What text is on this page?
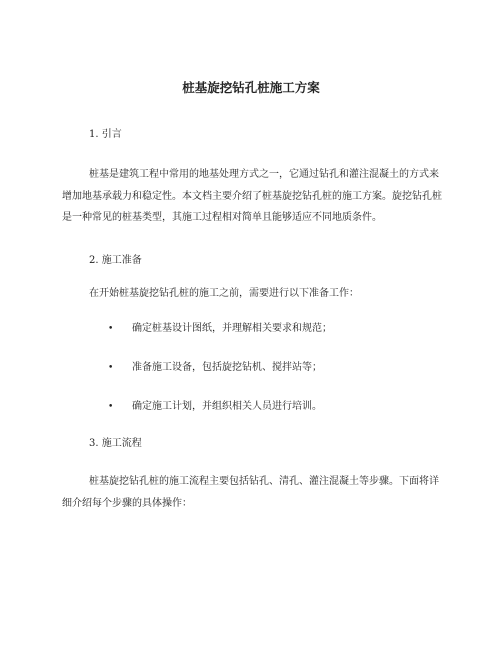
桩基旋挖钻孔桩施工方案
1. 引言
桩基是建筑工程中常用的地基处理方式之一，它通过钻孔和灌注混凝土的方式来增加地基承载力和稳定性。本文档主要介绍了桩基旋挖钻孔桩的施工方案。旋挖钻孔桩是一种常见的桩基类型，其施工过程相对简单且能够适应不同地质条件。
2. 施工准备
在开始桩基旋挖钻孔桩的施工之前，需要进行以下准备工作：
• 确定桩基设计图纸，并理解相关要求和规范；
• 准备施工设备，包括旋挖钻机、搅拌站等；
• 确定施工计划，并组织相关人员进行培训。
3. 施工流程
桩基旋挖钻孔桩的施工流程主要包括钻孔、清孔、灌注混凝土等步骤。下面将详细介绍每个步骤的具体操作：
